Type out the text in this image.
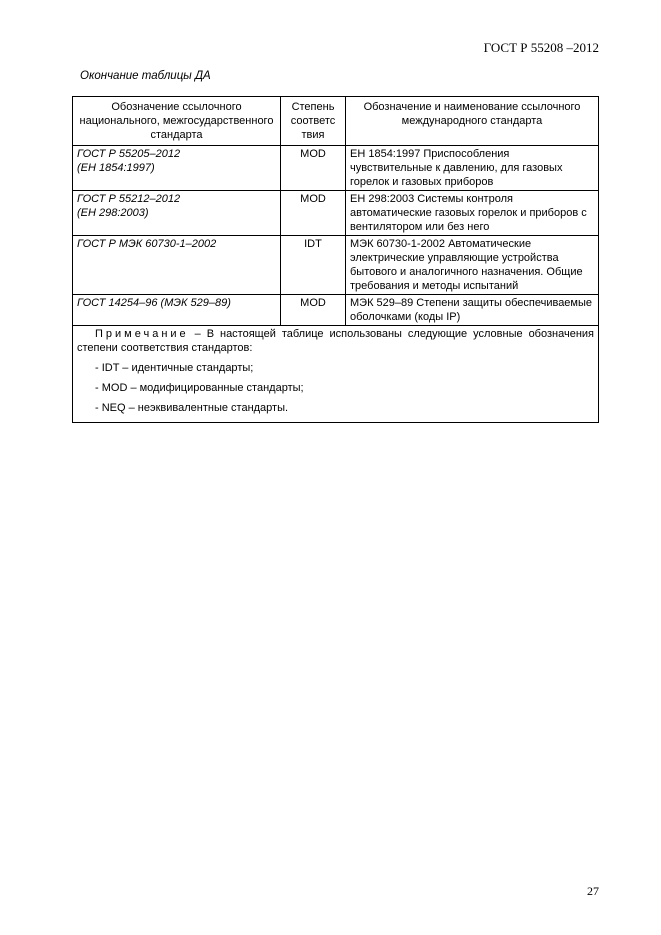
ГОСТ Р 55208 –2012
Окончание таблицы ДА
Обозначение ссылочного национального, межгосударственного стандарта	Степень соответс твия	Обозначение и наименование ссылочного международного стандарта

ГОСТ Р 55205–2012
(ЕН 1854:1997)	MOD	ЕН 1854:1997 Приспособления чувствительные к давлению, для газовых горелок и газовых приборов

ГОСТ Р 55212–2012
(ЕН 298:2003)	MOD	ЕН 298:2003 Системы контроля автоматические газовых горелок и приборов с вентилятором или без него

ГОСТ Р МЭК 60730-1–2002	IDT	МЭК 60730-1-2002 Автоматические электрические управляющие устройства бытового и аналогичного назначения. Общие требования и методы испытаний

ГОСТ 14254–96 (МЭК 529–89)	MOD	МЭК 529–89 Степени защиты обеспечиваемые оболочками (коды IP)

Примечание – В настоящей таблице использованы следующие условные обозначения степени соответствия стандартов:

- IDT – идентичные стандарты;
- MOD – модифицированные стандарты;
- NEQ – неэквивалентные стандарты.		
27
